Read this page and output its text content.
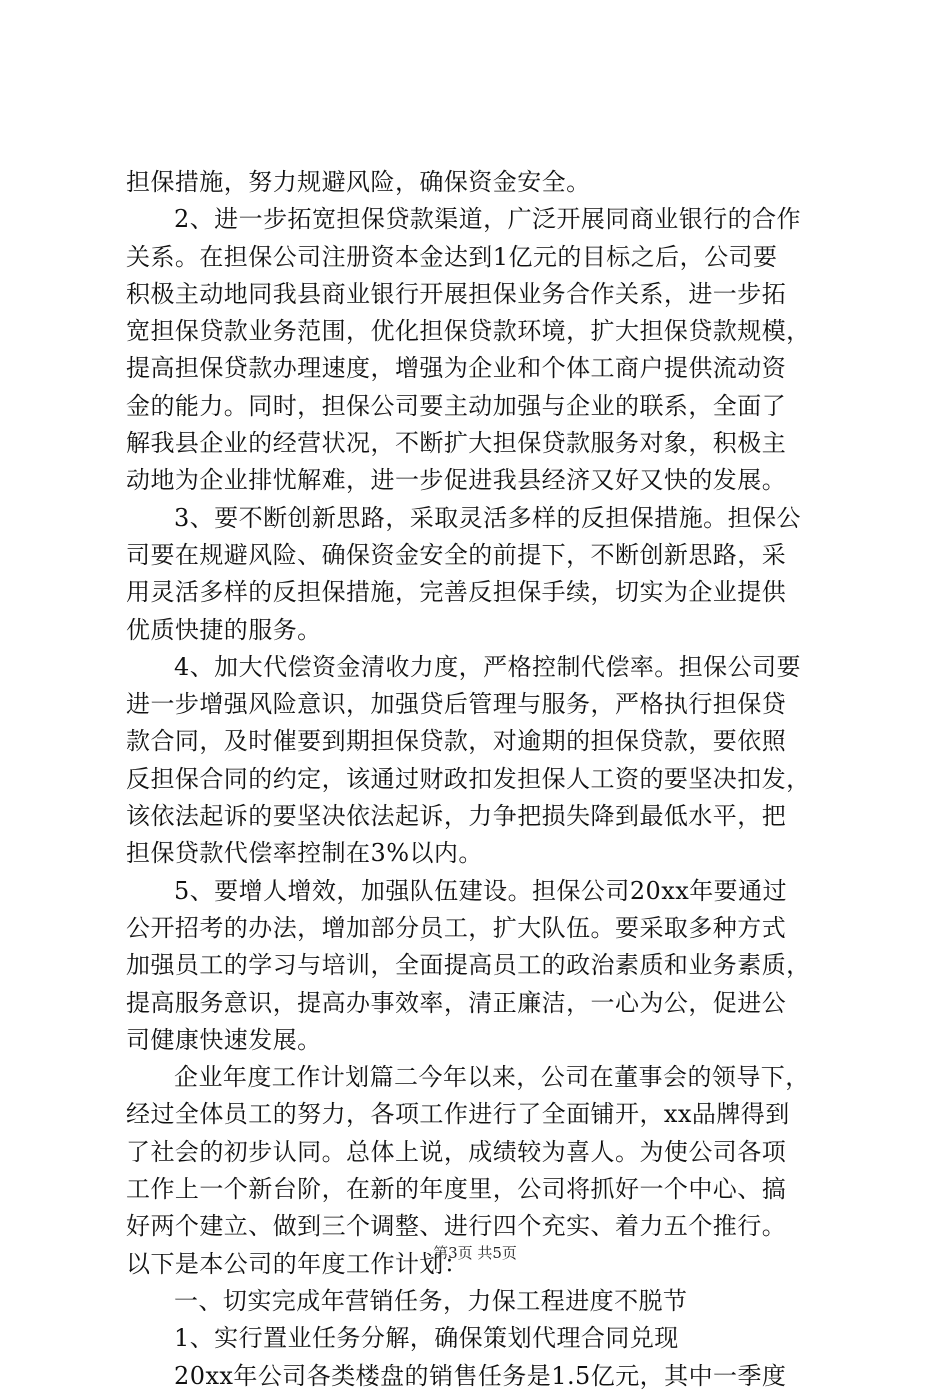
担保措施，努力规避风险，确保资金安全。
2、进一步拓宽担保贷款渠道，广泛开展同商业银行的合作
关系。在担保公司注册资本金达到1亿元的目标之后，公司要
积极主动地同我县商业银行开展担保业务合作关系，进一步拓
宽担保贷款业务范围，优化担保贷款环境，扩大担保贷款规模，
提高担保贷款办理速度，增强为企业和个体工商户提供流动资
金的能力。同时，担保公司要主动加强与企业的联系，全面了
解我县企业的经营状况，不断扩大担保贷款服务对象，积极主
动地为企业排忧解难，进一步促进我县经济又好又快的发展。
3、要不断创新思路，采取灵活多样的反担保措施。担保公
司要在规避风险、确保资金安全的前提下，不断创新思路，采
用灵活多样的反担保措施，完善反担保手续，切实为企业提供
优质快捷的服务。
4、加大代偿资金清收力度，严格控制代偿率。担保公司要
进一步增强风险意识，加强贷后管理与服务，严格执行担保贷
款合同，及时催要到期担保贷款，对逾期的担保贷款，要依照
反担保合同的约定，该通过财政扣发担保人工资的要坚决扣发，
该依法起诉的要坚决依法起诉，力争把损失降到最低水平，把
担保贷款代偿率控制在3%以内。
5、要增人增效，加强队伍建设。担保公司20xx年要通过
公开招考的办法，增加部分员工，扩大队伍。要采取多种方式
加强员工的学习与培训，全面提高员工的政治素质和业务素质，
提高服务意识，提高办事效率，清正廉洁，一心为公，促进公
司健康快速发展。
企业年度工作计划篇二今年以来，公司在董事会的领导下，
经过全体员工的努力，各项工作进行了全面铺开，xx品牌得到
了社会的初步认同。总体上说，成绩较为喜人。为使公司各项
工作上一个新台阶，在新的年度里，公司将抓好一个中心、搞
好两个建立、做到三个调整、进行四个充实、着力五个推行。
以下是本公司的年度工作计划：
一、切实完成年营销任务，力保工程进度不脱节
1、实行置业任务分解，确保策划代理合同兑现
20xx年公司各类楼盘的销售任务是1.5亿元，其中一季度
第3页 共5页
